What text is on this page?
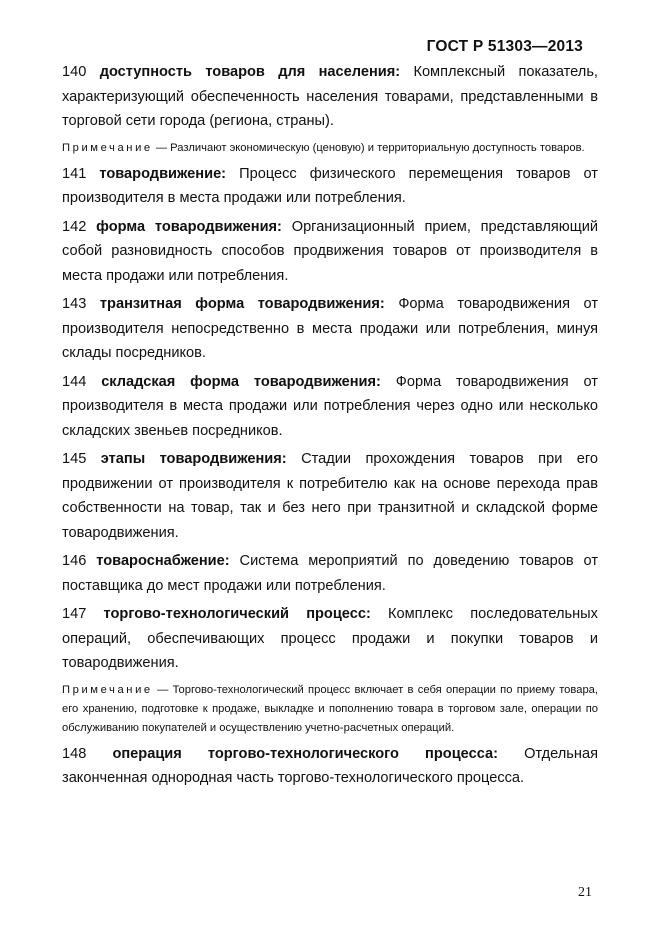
ГОСТ Р 51303—2013

140 доступность товаров для населения: Комплексный показатель, характеризующий обеспеченность населения товарами, представленными в торговой сети города (региона, страны).

Примечание — Различают экономическую (ценовую) и территориальную доступность товаров.

141 товародвижение: Процесс физического перемещения товаров от производителя в места продажи или потребления.

142 форма товародвижения: Организационный прием, представляющий собой разновидность способов продвижения товаров от производителя в места продажи или потребления.

143 транзитная форма товародвижения: Форма товародвижения от производителя непосредственно в места продажи или потребления, минуя склады посредников.

144 складская форма товародвижения: Форма товародвижения от производителя в места продажи или потребления через одно или несколько складских звеньев посредников.

145 этапы товародвижения: Стадии прохождения товаров при его продвижении от производителя к потребителю как на основе перехода прав собственности на товар, так и без него при транзитной и складской форме товародвижения.

146 товароснабжение: Система мероприятий по доведению товаров от поставщика до мест продажи или потребления.

147 торгово-технологический процесс: Комплекс последовательных операций, обеспечивающих процесс продажи и покупки товаров и товародвижения.

Примечание — Торгово-технологический процесс включает в себя операции по приему товара, его хранению, подготовке к продаже, выкладке и пополнению товара в торговом зале, операции по обслуживанию покупателей и осуществлению учетно-расчетных операций.

148 операция торгово-технологического процесса: Отдельная законченная однородная часть торгово-технологического процесса.

21
